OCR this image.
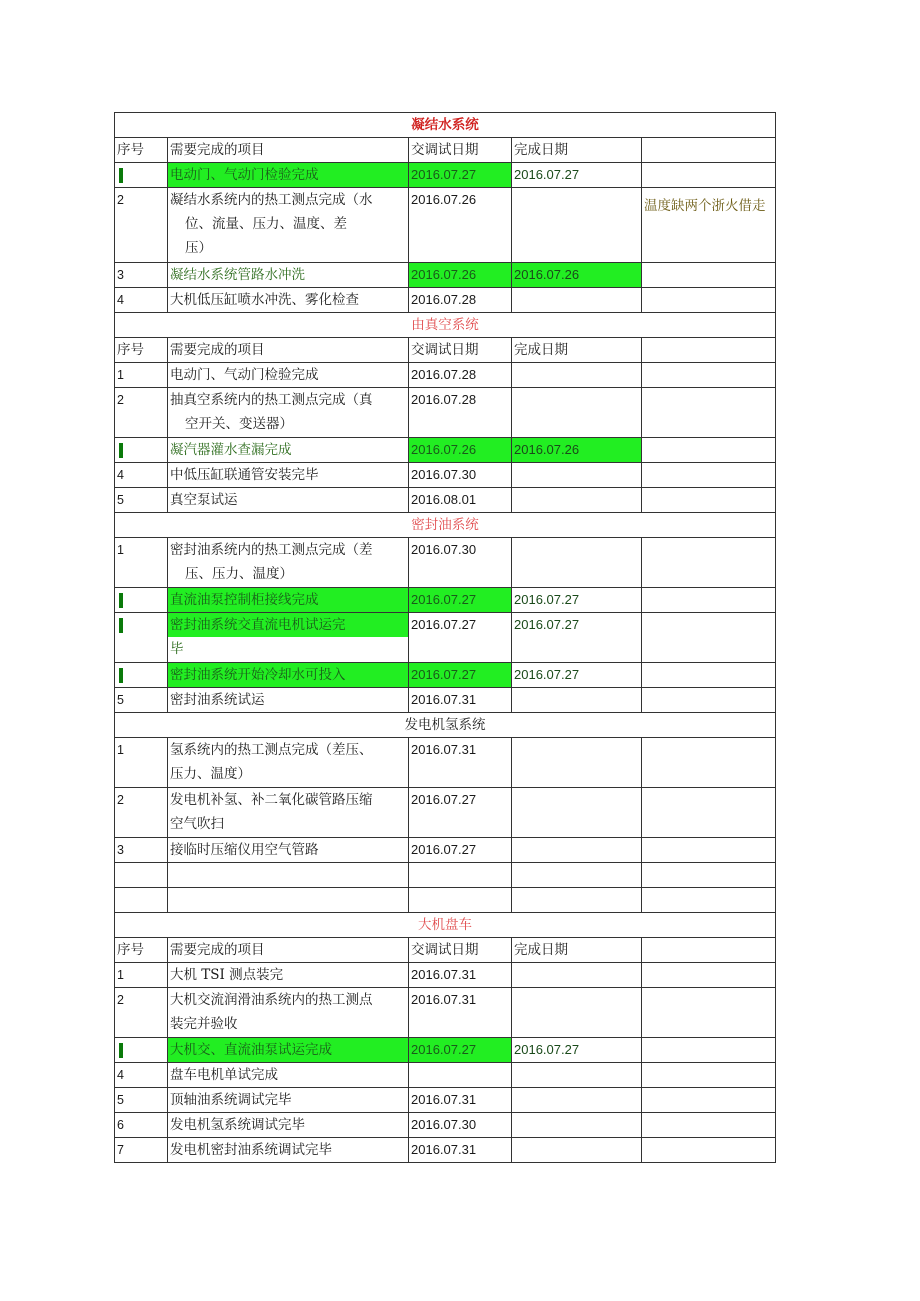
凝结水系统				
序号	需要完成的项目	交调试日期	完成日期	

	电动门、气动门检验完成	2016.07.27	2016.07.27	
2	凝结水系统内的热工测点完成（水
位、流量、压力、温度、差
压）	2016.07.26		温度缺两个浙火借走
3	凝结水系统管路水冲洗	2016.07.26	2016.07.26	
4	大机低压缸喷水冲洗、雾化检查	2016.07.28		
由真空系统				
序号	需要完成的项目	交调试日期	完成日期	
1	电动门、气动门检验完成	2016.07.28		
2	抽真空系统内的热工测点完成（真
空开关、变送器）	2016.07.28		

	凝汽器灌水查漏完成	2016.07.26	2016.07.26	
4	中低压缸联通管安装完毕	2016.07.30		
5	真空泵试运	2016.08.01		
密封油系统				
1	密封油系统内的热工测点完成（差
压、压力、温度）	2016.07.30		

	直流油泵控制柜接线完成	2016.07.27	2016.07.27	

	密封油系统交直流电机试运完
毕	2016.07.27	2016.07.27	

	密封油系统开始冷却水可投入	2016.07.27	2016.07.27	
5	密封油系统试运	2016.07.31		
发电机氢系统				
1	氢系统内的热工测点完成（差压、
压力、温度）	2016.07.31		
2	发电机补氢、补二氧化碳管路压缩
空气吹扫	2016.07.27		
3	接临时压缩仪用空气管路	2016.07.27		

大机盘车				
序号	需要完成的项目	交调试日期	完成日期	
1	大机 TSI 测点装完	2016.07.31		
2	大机交流润滑油系统内的热工测点
装完并验收	2016.07.31		

	大机交、直流油泵试运完成	2016.07.27	2016.07.27	
4	盘车电机单试完成			

5	顶轴油系统调试完毕	2016.07.31		
6	发电机氢系统调试完毕	2016.07.30		
7	发电机密封油系统调试完毕	2016.07.31		
